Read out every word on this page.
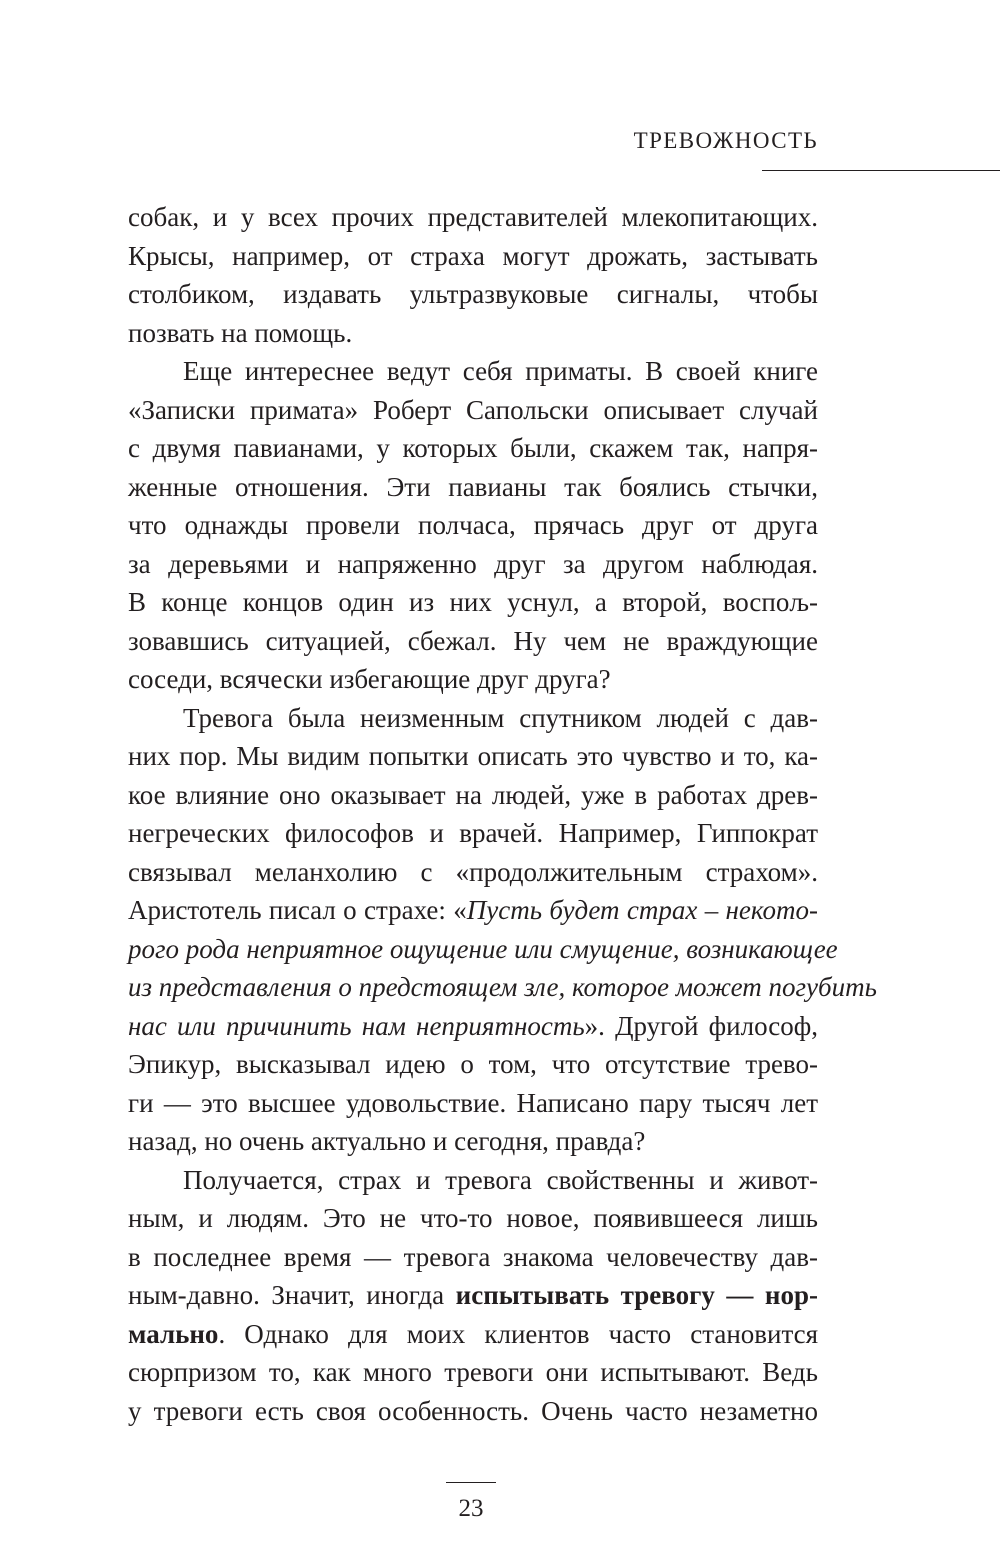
ТРЕВОЖНОСТЬ
собак, и у всех прочих представителей млекопитающих.
Крысы, например, от страха могут дрожать, застывать
столбиком, издавать ультразвуковые сигналы, чтобы
позвать на помощь.
Еще интереснее ведут себя приматы. В своей книге
«Записки примата» Роберт Сапольски описывает случай
с двумя павианами, у которых были, скажем так, напря-
женные отношения. Эти павианы так боялись стычки,
что однажды провели полчаса, прячась друг от друга
за деревьями и напряженно друг за другом наблюдая.
В конце концов один из них уснул, а второй, воспољ-
зовавшись ситуацией, сбежал. Ну чем не враждующие
соседи, всячески избегающие друг друга?
Тревога была неизменным спутником людей с дав-
них пор. Мы видим попытки описать это чувство и то, ка-
кое влияние оно оказывает на людей, уже в работах древ-
негреческих философов и врачей. Например, Гиппократ
связывал меланхолию с «продолжительным страхом».
Аристотель писал о страхе: «Пусть будет страх – некото-
рого рода неприятное ощущение или смущение, возникающее
из представления о предстоящем зле, которое может погубить
нас или причинить нам неприятность». Другой философ,
Эпикур, высказывал идею о том, что отсутствие трево-
ги — это высшее удовольствие. Написано пару тысяч лет
назад, но очень актуально и сегодня, правда?
Получается, страх и тревога свойственны и живот-
ным, и людям. Это не что-то новое, появившееся лишь
в последнее время — тревога знакома человечеству дав-
ным-давно. Значит, иногда испытывать тревогу — нор-
мально. Однако для моих клиентов часто становится
сюрпризом то, как много тревоги они испытывают. Ведь
у тревоги есть своя особенность. Очень часто незаметно
23
